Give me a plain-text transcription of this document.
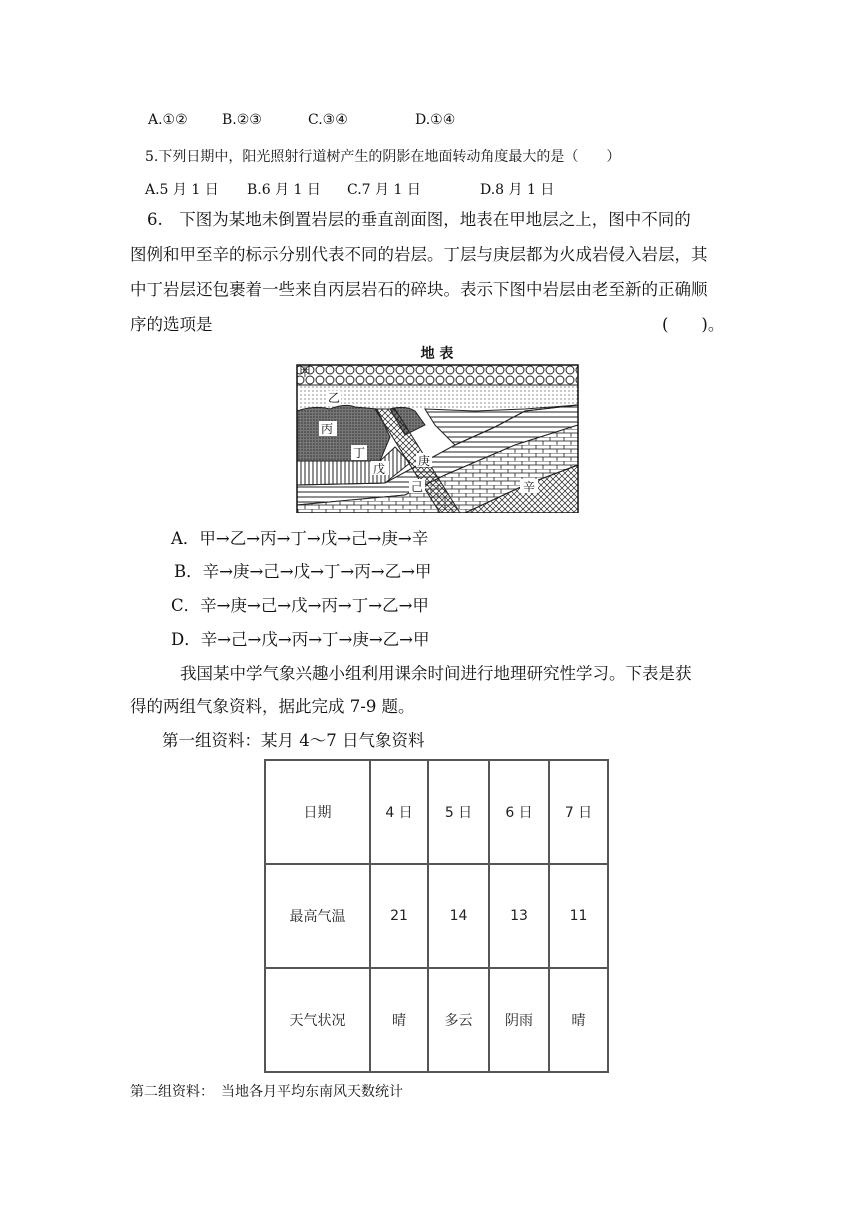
A.①② B.②③	C.③④	D.①④
5.下列日期中，阳光照射行道树产生的阴影在地面转动角度最大的是（　　）
A.5 月 1 日 B.6 月 1 日 C.7 月 1 日	D.8 月 1 日
6.　下图为某地未倒置岩层的垂直剖面图，地表在甲地层之上，图中不同的
图例和甲至辛的标示分别代表不同的岩层。丁层与庚层都为火成岩侵入岩层，其
中丁岩层还包裹着一些来自丙层岩石的碎块。表示下图中岩层由老至新的正确顺
序的选项是	(　　)。
地 表
甲
乙
丙
丁
戊
己
庚
辛
A．甲→乙→丙→丁→戊→己→庚→辛
B．辛→庚→己→戊→丁→丙→乙→甲
C．辛→庚→己→戊→丙→丁→乙→甲
D．辛→己→戊→丙→丁→庚→乙→甲
我国某中学气象兴趣小组利用课余时间进行地理研究性学习。下表是获
得的两组气象资料，据此完成 7-9 题。
第一组资料：某月 4～7 日气象资料
日期	4 日	5 日	6 日	7 日
最高气温	21	14	13	11
天气状况	晴	多云	阴雨	晴
第二组资料：　当地各月平均东南风天数统计
